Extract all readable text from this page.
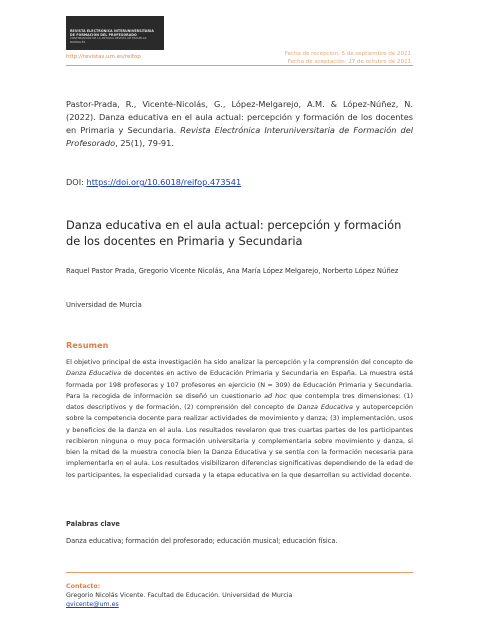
REVISTA ELECTRÓNICA INTERUNIVERSITARIA
DE FORMACIÓN DEL PROFESORADO
CONTINUACIÓN DE LA ANTIGUA REVISTA DE ESCUELAS NORMALES
http://revistas.um.es/reifop	Fecha de recepción: 5 de septiembre de 2021
Fecha de aceptación: 27 de octubre de 2021
Pastor-Prada, R., Vicente-Nicolás, G., López-Melgarejo, A.M. & López-Núñez, N. (2022). Danza educativa en el aula actual: percepción y formación de los docentes en Primaria y Secundaria. Revista Electrónica Interuniversitaria de Formación del Profesorado, 25(1), 79-91.
DOI: https://doi.org/10.6018/reifop.473541
Danza educativa en el aula actual: percepción y formación de los docentes en Primaria y Secundaria
Raquel Pastor Prada, Gregorio Vicente Nicolás, Ana María López Melgarejo, Norberto López Núñez
Universidad de Murcia
Resumen
El objetivo principal de esta investigación ha sido analizar la percepción y la comprensión del concepto de Danza Educativa de docentes en activo de Educación Primaria y Secundaria en España. La muestra está formada por 198 profesoras y 107 profesores en ejercicio (N = 309) de Educación Primaria y Secundaria. Para la recogida de información se diseñó un cuestionario ad hoc que contempla tres dimensiones: (1) datos descriptivos y de formación, (2) comprensión del concepto de Danza Educativa y autopercepción sobre la competencia docente para realizar actividades de movimiento y danza; (3) implementación, usos y beneficios de la danza en el aula. Los resultados revelaron que tres cuartas partes de los participantes recibieron ninguna o muy poca formación universitaria y complementaria sobre movimiento y danza, si bien la mitad de la muestra conocía bien la Danza Educativa y se sentía con la formación necesaria para implementarla en el aula. Los resultados visibilizaron diferencias significativas dependiendo de la edad de los participantes, la especialidad cursada y la etapa educativa en la que desarrollan su actividad docente.
Palabras clave
Danza educativa; formación del profesorado; educación musical; educación física.
Contacto:
Gregorio Nicolás Vicente. Facultad de Educación. Universidad de Murcia
gvicente@um.es
